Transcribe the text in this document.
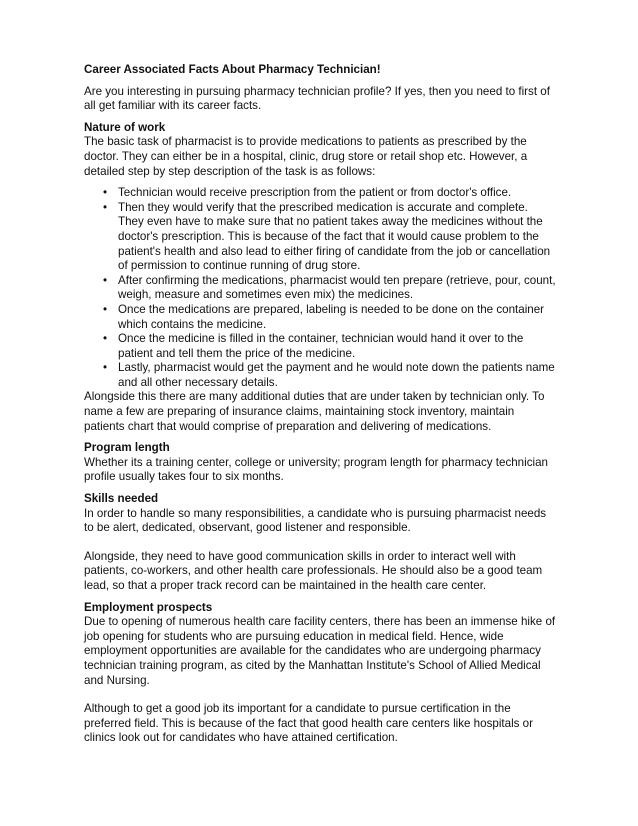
Career Associated Facts About Pharmacy Technician!

Are you interesting in pursuing pharmacy technician profile? If yes, then you need to first of all get familiar with its career facts.

Nature of work

The basic task of pharmacist is to provide medications to patients as prescribed by the doctor. They can either be in a hospital, clinic, drug store or retail shop etc. However, a detailed step by step description of the task is as follows:

• Technician would receive prescription from the patient or from doctor's office.
• Then they would verify that the prescribed medication is accurate and complete. They even have to make sure that no patient takes away the medicines without the doctor's prescription. This is because of the fact that it would cause problem to the patient's health and also lead to either firing of candidate from the job or cancellation of permission to continue running of drug store.
• After confirming the medications, pharmacist would ten prepare (retrieve, pour, count, weigh, measure and sometimes even mix) the medicines.
• Once the medications are prepared, labeling is needed to be done on the container which contains the medicine.
• Once the medicine is filled in the container, technician would hand it over to the patient and tell them the price of the medicine.
• Lastly, pharmacist would get the payment and he would note down the patients name and all other necessary details.

Alongside this there are many additional duties that are under taken by technician only. To name a few are preparing of insurance claims, maintaining stock inventory, maintain patients chart that would comprise of preparation and delivering of medications.

Program length

Whether its a training center, college or university; program length for pharmacy technician profile usually takes four to six months.

Skills needed

In order to handle so many responsibilities, a candidate who is pursuing pharmacist needs to be alert, dedicated, observant, good listener and responsible.

Alongside, they need to have good communication skills in order to interact well with patients, co-workers, and other health care professionals. He should also be a good team lead, so that a proper track record can be maintained in the health care center.

Employment prospects

Due to opening of numerous health care facility centers, there has been an immense hike of job opening for students who are pursuing education in medical field. Hence, wide employment opportunities are available for the candidates who are undergoing pharmacy technician training program, as cited by the Manhattan Institute's School of Allied Medical and Nursing.

Although to get a good job its important for a candidate to pursue certification in the preferred field. This is because of the fact that good health care centers like hospitals or clinics look out for candidates who have attained certification.
